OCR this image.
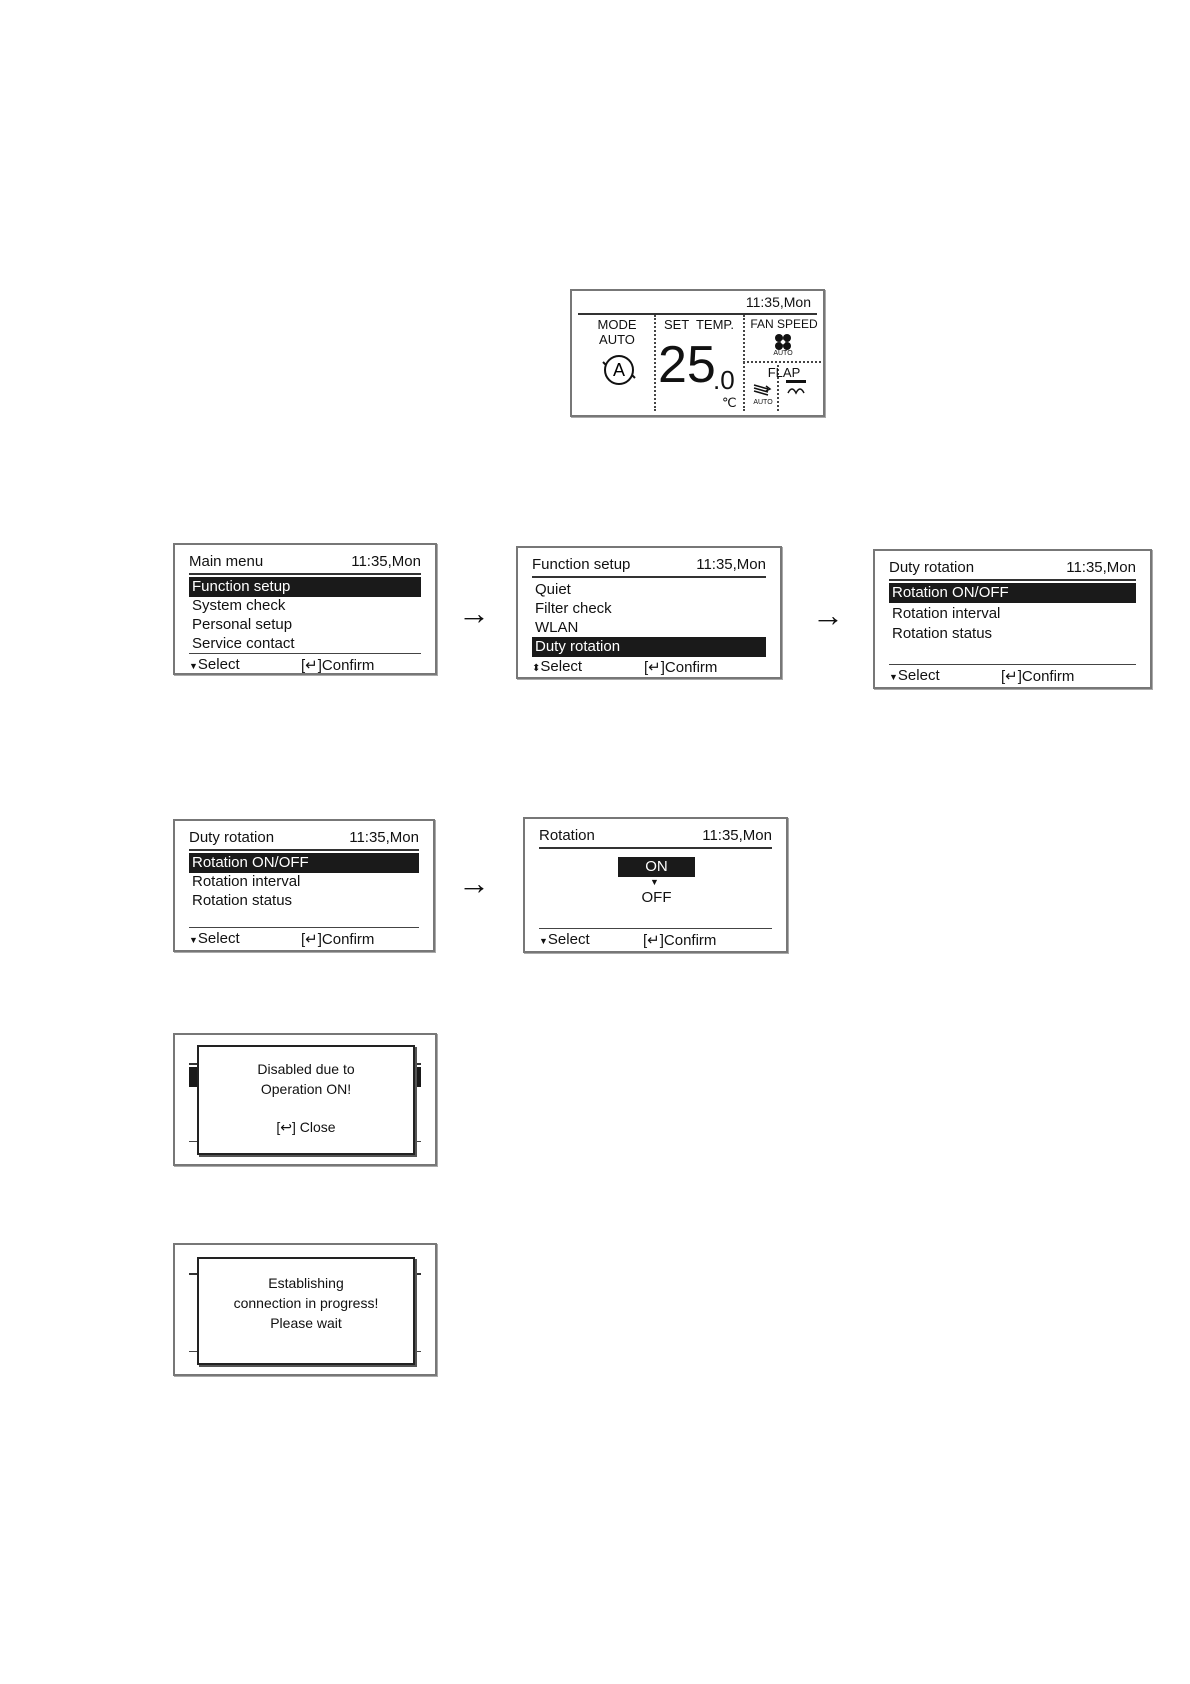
11:35,Mon
MODE
AUTO
A
SET  TEMP.
25
.0
℃
FAN SPEED
AUTO
FLAP
AUTO
Main menu	11:35,Mon
Function setup
System check
Personal setup
Service contact
▼Select	[↵]Confirm
→
Function setup	11:35,Mon
Quiet
Filter check
WLAN
Duty rotation
⬍Select	[↵]Confirm
→
Duty rotation	11:35,Mon
Rotation ON/OFF
Rotation interval
Rotation status
▼Select	[↵]Confirm
Duty rotation	11:35,Mon
Rotation ON/OFF
Rotation interval
Rotation status
▼Select	[↵]Confirm
→
Rotation	11:35,Mon
ON
▼
OFF
▼Select	[↵]Confirm
Disabled due to
Operation ON!
[↩] Close
Establishing
connection in progress!
Please wait
